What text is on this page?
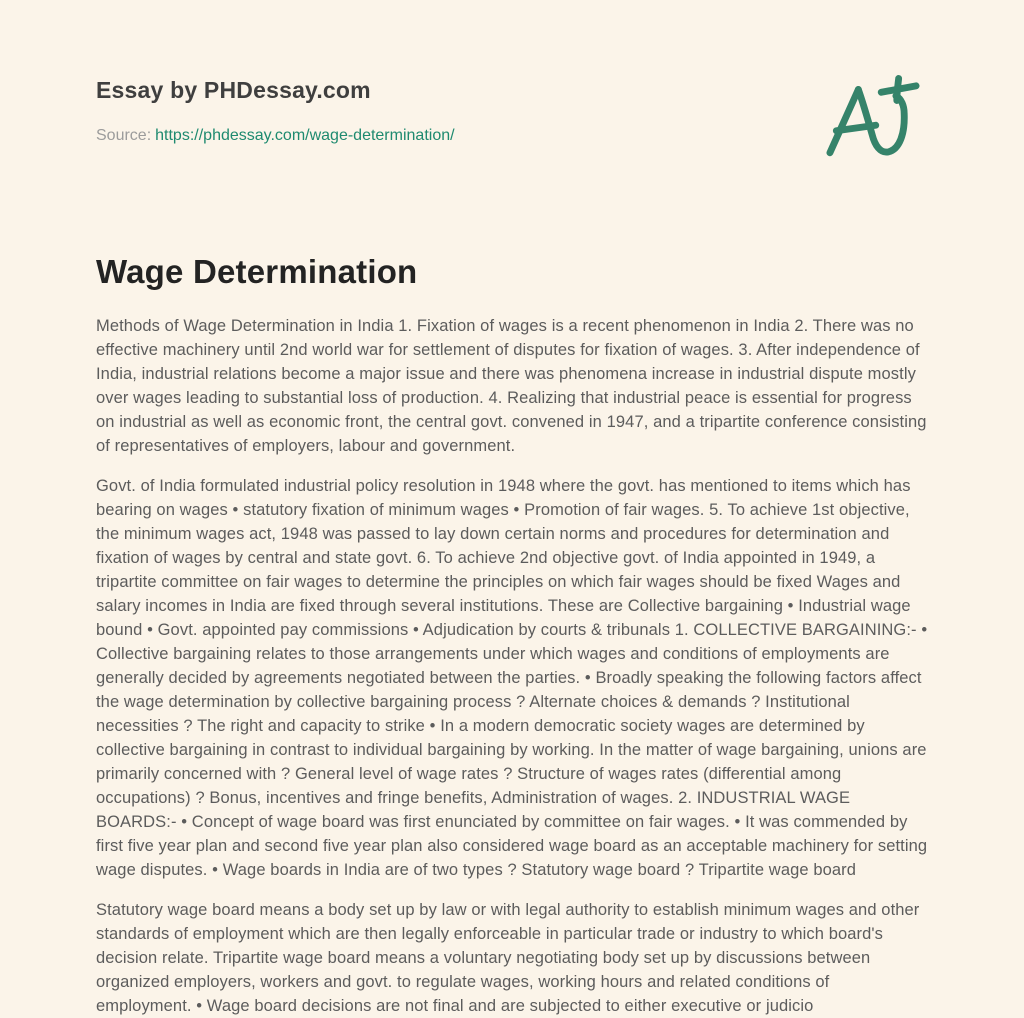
Essay by PHDessay.com
Source: https://phdessay.com/wage-determination/
Wage Determination

Methods of Wage Determination in India 1. Fixation of wages is a recent phenomenon in India 2. There was no effective machinery until 2nd world war for settlement of disputes for fixation of wages. 3. After independence of India, industrial relations become a major issue and there was phenomena increase in industrial dispute mostly over wages leading to substantial loss of production. 4. Realizing that industrial peace is essential for progress on industrial as well as economic front, the central govt. convened in 1947, and a tripartite conference consisting of representatives of employers, labour and government.

Govt. of India formulated industrial policy resolution in 1948 where the govt. has mentioned to items which has bearing on wages • statutory fixation of minimum wages • Promotion of fair wages. 5. To achieve 1st objective, the minimum wages act, 1948 was passed to lay down certain norms and procedures for determination and fixation of wages by central and state govt. 6. To achieve 2nd objective govt. of India appointed in 1949, a tripartite committee on fair wages to determine the principles on which fair wages should be fixed Wages and salary incomes in India are fixed through several institutions. These are Collective bargaining • Industrial wage bound • Govt. appointed pay commissions • Adjudication by courts & tribunals 1. COLLECTIVE BARGAINING:- • Collective bargaining relates to those arrangements under which wages and conditions of employments are generally decided by agreements negotiated between the parties. • Broadly speaking the following factors affect the wage determination by collective bargaining process ? Alternate choices & demands ? Institutional necessities ? The right and capacity to strike • In a modern democratic society wages are determined by collective bargaining in contrast to individual bargaining by working. In the matter of wage bargaining, unions are primarily concerned with ? General level of wage rates ? Structure of wages rates (differential among occupations) ? Bonus, incentives and fringe benefits, Administration of wages. 2. INDUSTRIAL WAGE BOARDS:- • Concept of wage board was first enunciated by committee on fair wages. • It was commended by first five year plan and second five year plan also considered wage board as an acceptable machinery for setting wage disputes. • Wage boards in India are of two types ? Statutory wage board ? Tripartite wage board

Statutory wage board means a body set up by law or with legal authority to establish minimum wages and other standards of employment which are then legally enforceable in particular trade or industry to which board's decision relate. Tripartite wage board means a voluntary negotiating body set up by discussions between organized employers, workers and govt. to regulate wages, working hours and related conditions of employment. • Wage board decisions are not final and are subjected to either executive or judicio
